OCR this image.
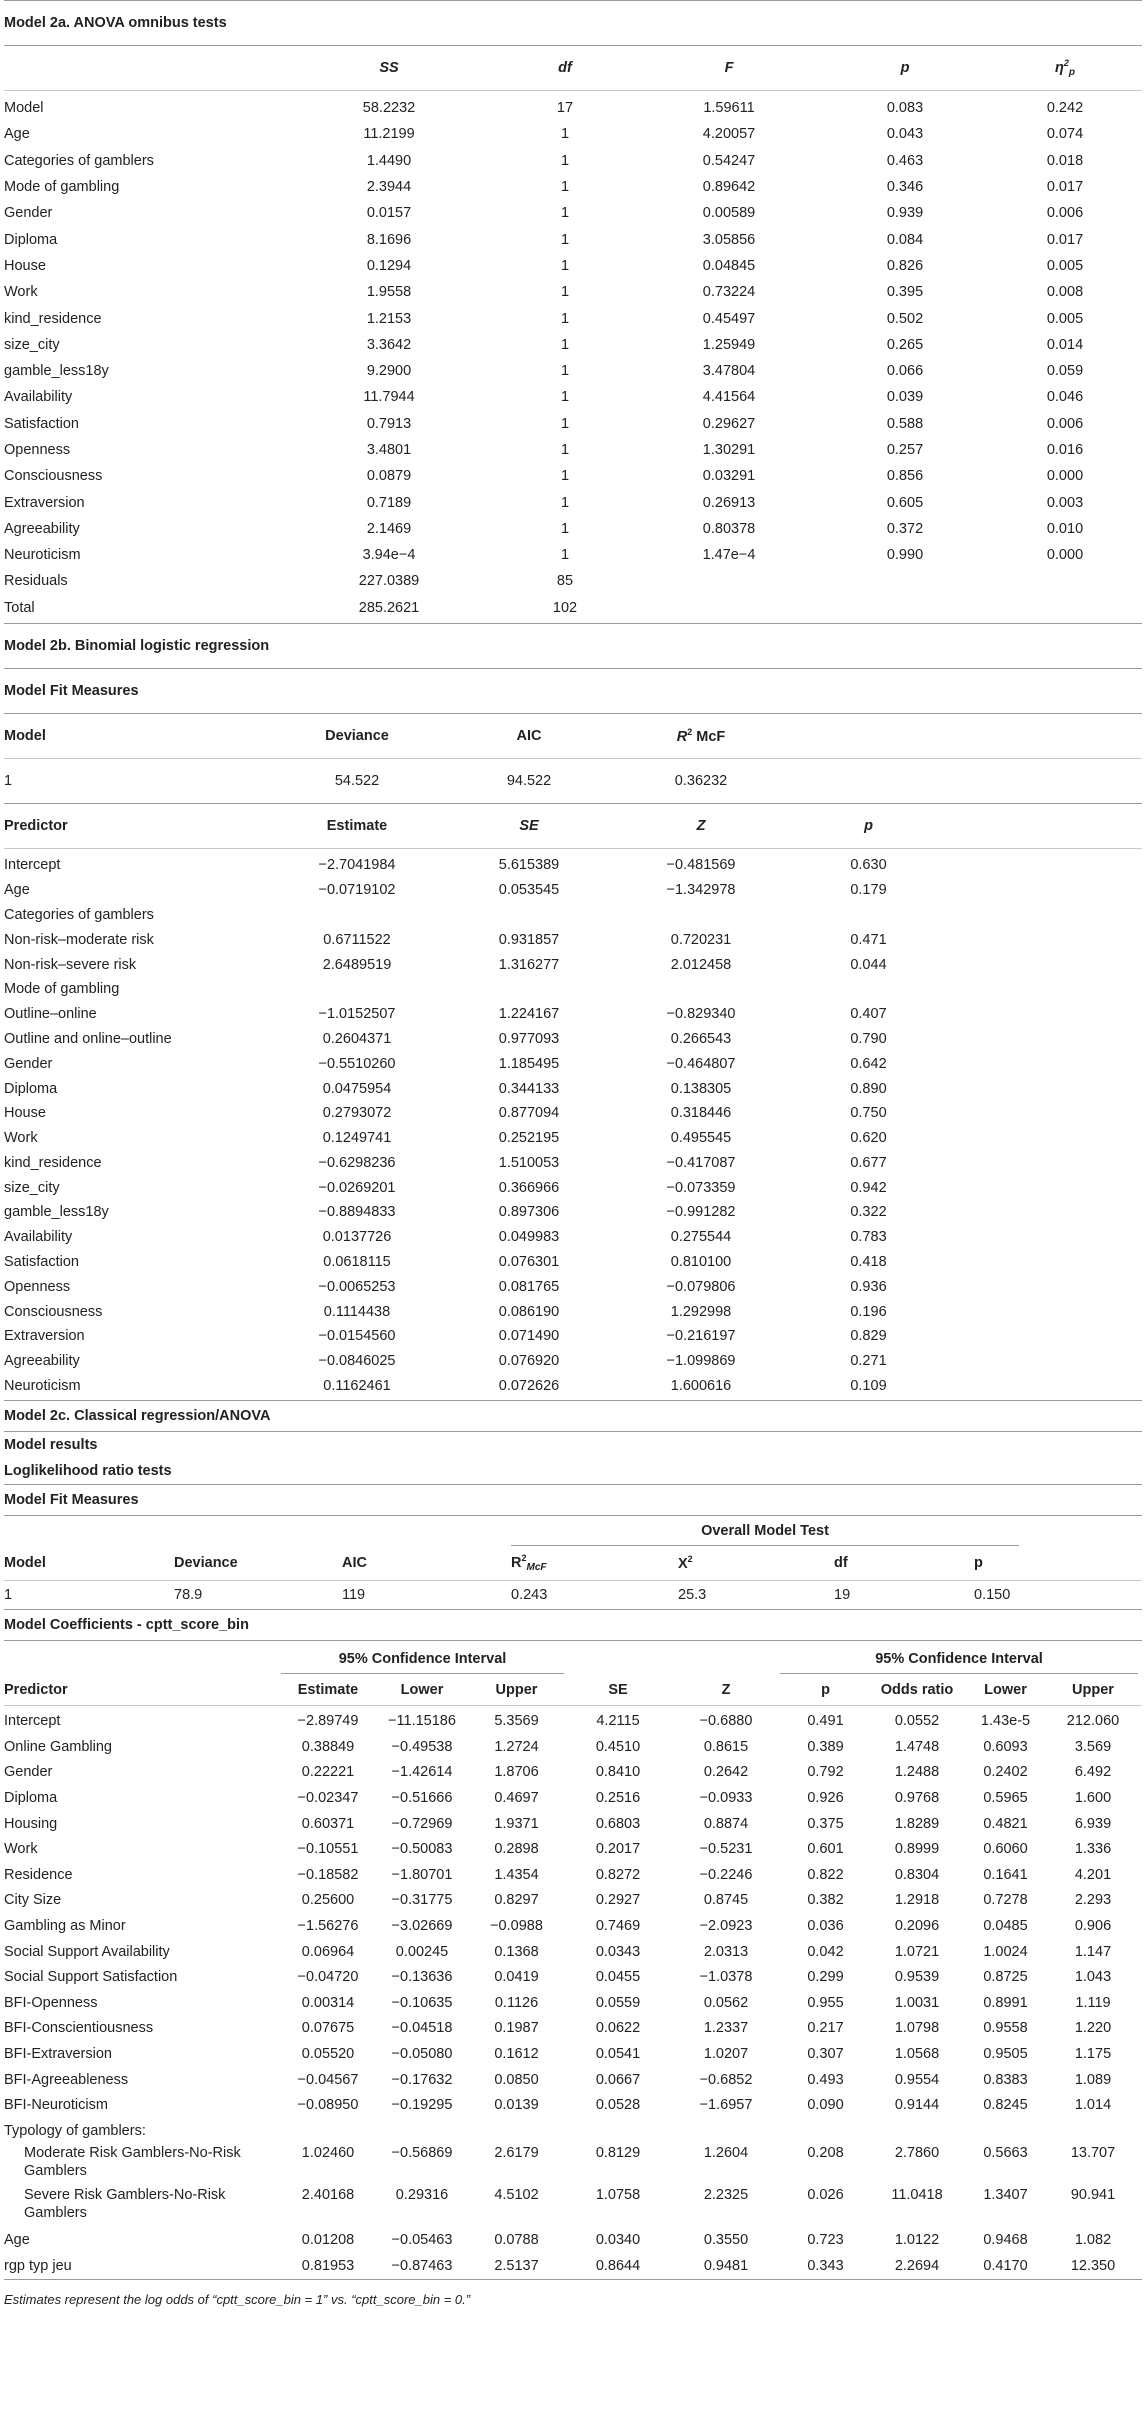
Model 2a. ANOVA omnibus tests
SS	df	F	p	$\eta^2_p$
Model	58.2232	17	1.59611	0.083	0.242
Age	11.2199	1	4.20057	0.043	0.074
Categories of gamblers	1.4490	1	0.54247	0.463	0.018
Mode of gambling	2.3944	1	0.89642	0.346	0.017
Gender	0.0157	1	0.00589	0.939	0.006
Diploma	8.1696	1	3.05856	0.084	0.017
House	0.1294	1	0.04845	0.826	0.005
Work	1.9558	1	0.73224	0.395	0.008
kind_residence	1.2153	1	0.45497	0.502	0.005
size_city	3.3642	1	1.25949	0.265	0.014
gamble_less18y	9.2900	1	3.47804	0.066	0.059
Availability	11.7944	1	4.41564	0.039	0.046
Satisfaction	0.7913	1	0.29627	0.588	0.006
Openness	3.4801	1	1.30291	0.257	0.016
Consciousness	0.0879	1	0.03291	0.856	0.000
Extraversion	0.7189	1	0.26913	0.605	0.003
Agreeability	2.1469	1	0.80378	0.372	0.010
Neuroticism	3.94e−4	1	1.47e−4	0.990	0.000
Residuals	227.0389	85
Total	285.2621	102
Model 2b. Binomial logistic regression
Model Fit Measures
Model	Deviance	AIC	$R^2$ McF
1	54.522	94.522	0.36232
Predictor	Estimate	SE	Z	p
Intercept	−2.7041984	5.615389	−0.481569	0.630
Age	−0.0719102	0.053545	−1.342978	0.179
Categories of gamblers
Non-risk–moderate risk	0.6711522	0.931857	0.720231	0.471
Non-risk–severe risk	2.6489519	1.316277	2.012458	0.044
Mode of gambling
Outline–online	−1.0152507	1.224167	−0.829340	0.407
Outline and online–outline	0.2604371	0.977093	0.266543	0.790
Gender	−0.5510260	1.185495	−0.464807	0.642
Diploma	0.0475954	0.344133	0.138305	0.890
House	0.2793072	0.877094	0.318446	0.750
Work	0.1249741	0.252195	0.495545	0.620
kind_residence	−0.6298236	1.510053	−0.417087	0.677
size_city	−0.0269201	0.366966	−0.073359	0.942
gamble_less18y	−0.8894833	0.897306	−0.991282	0.322
Availability	0.0137726	0.049983	0.275544	0.783
Satisfaction	0.0618115	0.076301	0.810100	0.418
Openness	−0.0065253	0.081765	−0.079806	0.936
Consciousness	0.1114438	0.086190	1.292998	0.196
Extraversion	−0.0154560	0.071490	−0.216197	0.829
Agreeability	−0.0846025	0.076920	−1.099869	0.271
Neuroticism	0.1162461	0.072626	1.600616	0.109
Model 2c. Classical regression/ANOVA
Model results
Loglikelihood ratio tests
Model Fit Measures
Overall Model Test
Model	Deviance	AIC	$R^2_{McF}$	$X^2$	df	p
1	78.9	119	0.243	25.3	19	0.150
Model Coefficients - cptt_score_bin
95% Confidence Interval	95% Confidence Interval
Predictor	Estimate	Lower	Upper	SE	Z	p	Odds ratio	Lower	Upper
Intercept	−2.89749	−11.15186	5.3569	4.2115	−0.6880	0.491	0.0552	1.43e-5	212.060
Online Gambling	0.38849	−0.49538	1.2724	0.4510	0.8615	0.389	1.4748	0.6093	3.569
Gender	0.22221	−1.42614	1.8706	0.8410	0.2642	0.792	1.2488	0.2402	6.492
Diploma	−0.02347	−0.51666	0.4697	0.2516	−0.0933	0.926	0.9768	0.5965	1.600
Housing	0.60371	−0.72969	1.9371	0.6803	0.8874	0.375	1.8289	0.4821	6.939
Work	−0.10551	−0.50083	0.2898	0.2017	−0.5231	0.601	0.8999	0.6060	1.336
Residence	−0.18582	−1.80701	1.4354	0.8272	−0.2246	0.822	0.8304	0.1641	4.201
City Size	0.25600	−0.31775	0.8297	0.2927	0.8745	0.382	1.2918	0.7278	2.293
Gambling as Minor	−1.56276	−3.02669	−0.0988	0.7469	−2.0923	0.036	0.2096	0.0485	0.906
Social Support Availability	0.06964	0.00245	0.1368	0.0343	2.0313	0.042	1.0721	1.0024	1.147
Social Support Satisfaction	−0.04720	−0.13636	0.0419	0.0455	−1.0378	0.299	0.9539	0.8725	1.043
BFI-Openness	0.00314	−0.10635	0.1126	0.0559	0.0562	0.955	1.0031	0.8991	1.119
BFI-Conscientiousness	0.07675	−0.04518	0.1987	0.0622	1.2337	0.217	1.0798	0.9558	1.220
BFI-Extraversion	0.05520	−0.05080	0.1612	0.0541	1.0207	0.307	1.0568	0.9505	1.175
BFI-Agreeableness	−0.04567	−0.17632	0.0850	0.0667	−0.6852	0.493	0.9554	0.8383	1.089
BFI-Neuroticism	−0.08950	−0.19295	0.0139	0.0528	−1.6957	0.090	0.9144	0.8245	1.014
Typology of gamblers:
Moderate Risk Gamblers-No-Risk Gamblers
1.02460	−0.56869	2.6179	0.8129	1.2604	0.208	2.7860	0.5663	13.707
Severe Risk Gamblers-No-Risk Gamblers
2.40168	0.29316	4.5102	1.0758	2.2325	0.026	11.0418	1.3407	90.941
Age	0.01208	−0.05463	0.0788	0.0340	0.3550	0.723	1.0122	0.9468	1.082
rgp typ jeu	0.81953	−0.87463	2.5137	0.8644	0.9481	0.343	2.2694	0.4170	12.350
Estimates represent the log odds of “cptt_score_bin = 1” vs. “cptt_score_bin = 0.”
